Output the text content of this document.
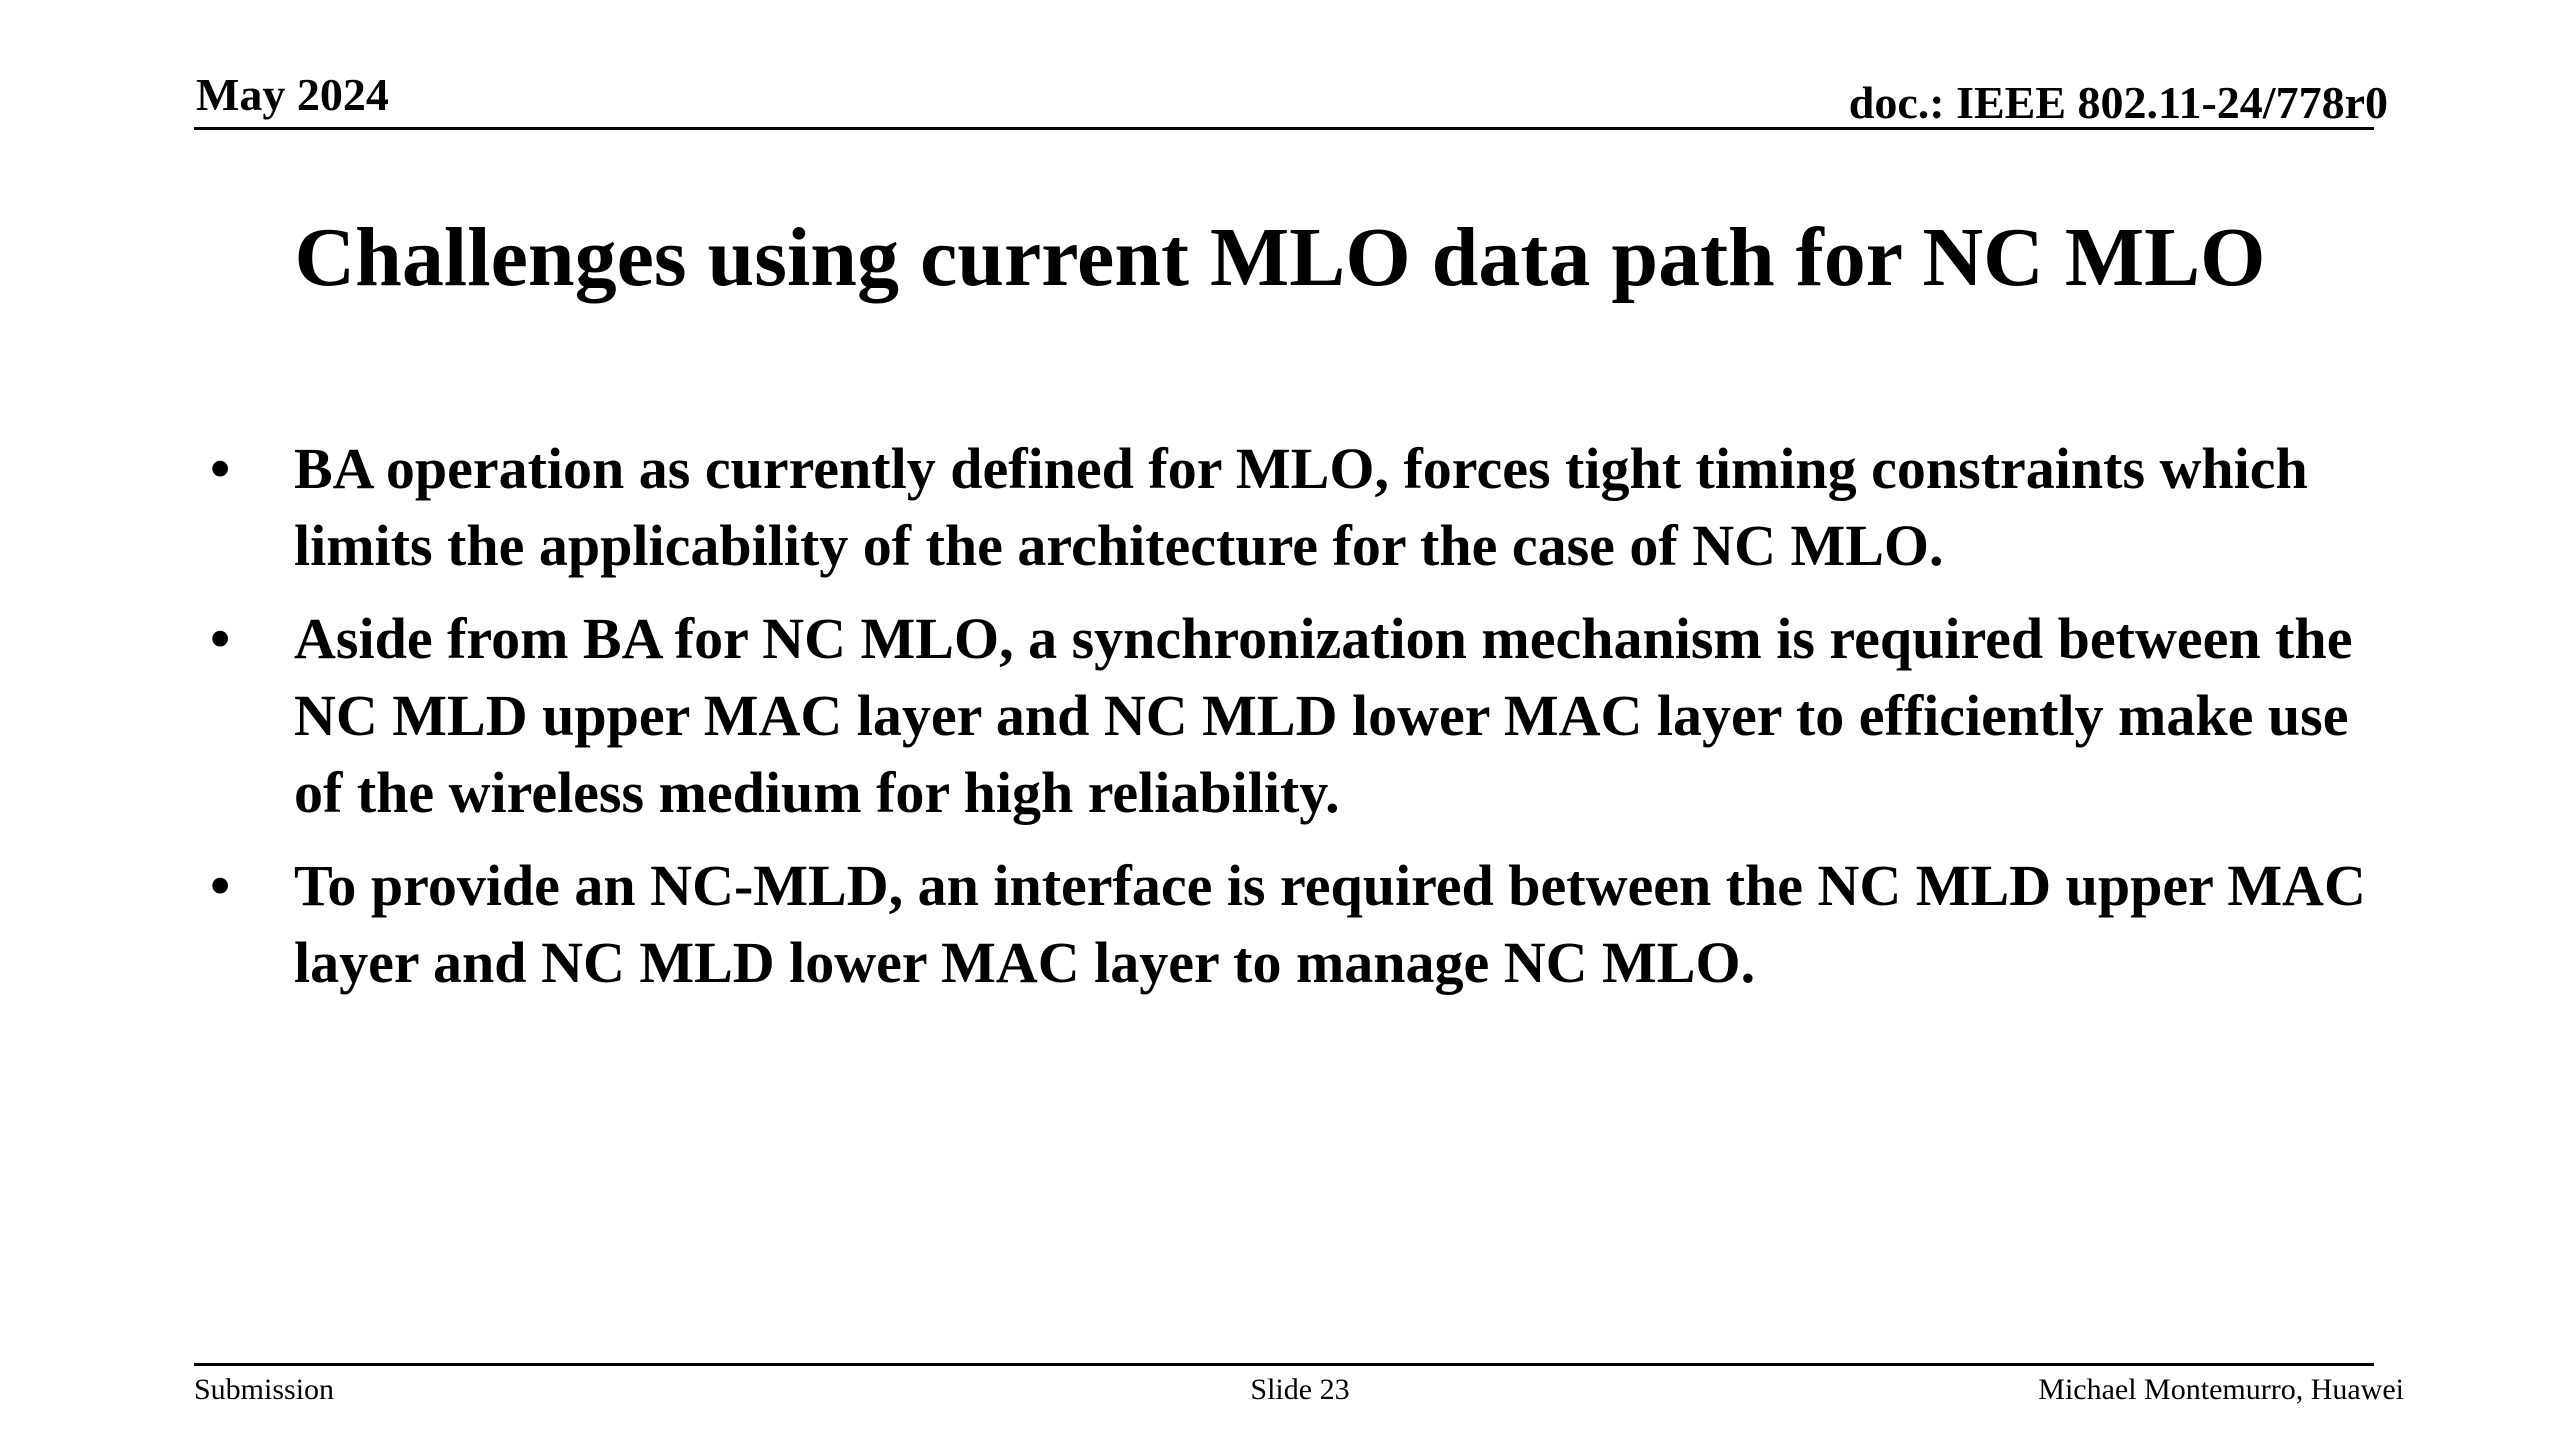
May 2024	doc.: IEEE 802.11-24/778r0
Challenges using current MLO data path for NC MLO
• BA operation as currently defined for MLO, forces tight timing constraints which limits the applicability of the architecture for the case of NC MLO.
• Aside from BA for NC MLO, a synchronization mechanism is required between the NC MLD upper MAC layer and NC MLD lower MAC layer to efficiently make use of the wireless medium for high reliability.
• To provide an NC-MLD, an interface is required between the NC MLD upper MAC layer and NC MLD lower MAC layer to manage NC MLO.
Submission	Slide 23	Michael Montemurro, Huawei
